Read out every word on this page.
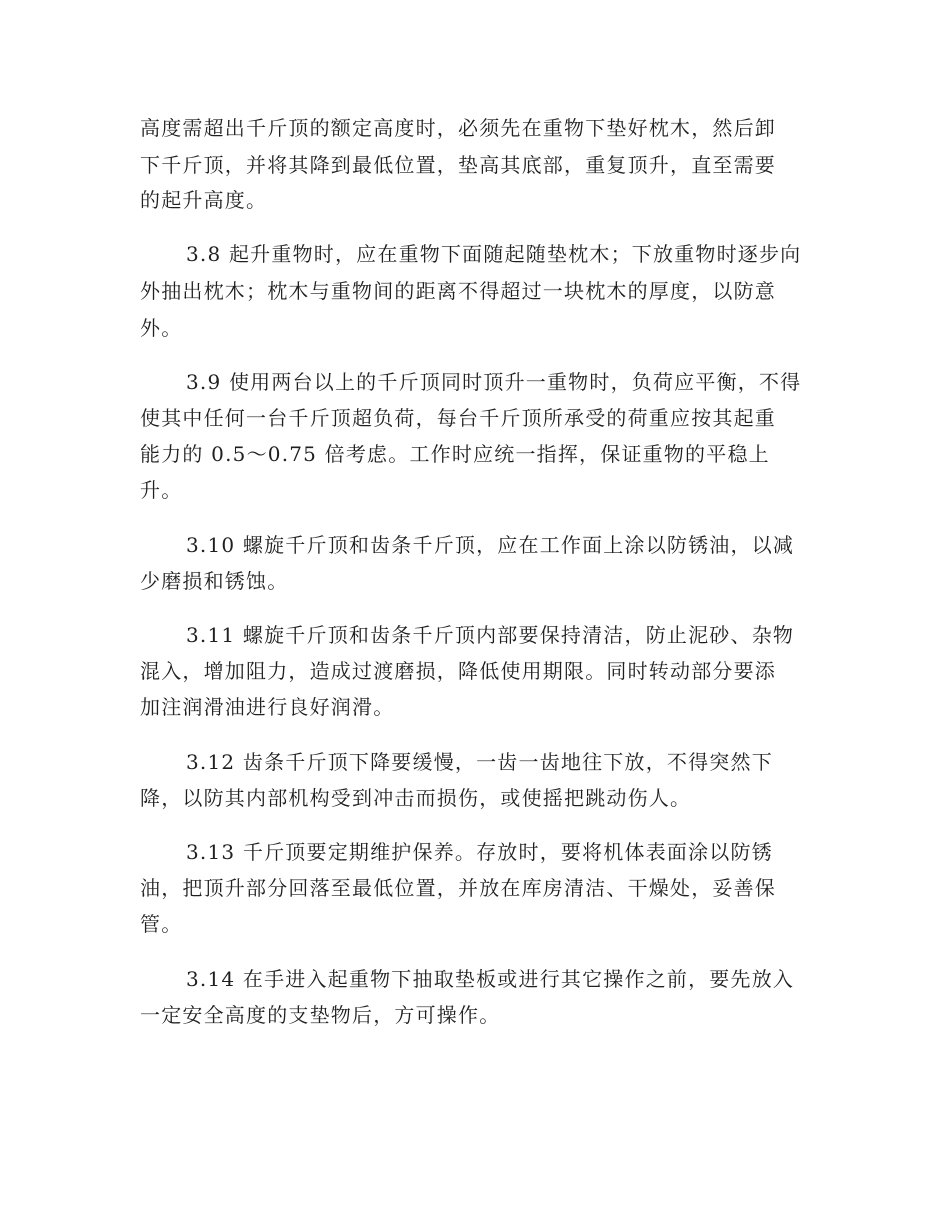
高度需超出千斤顶的额定高度时，必须先在重物下垫好枕木，然后卸

下千斤顶，并将其降到最低位置，垫高其底部，重复顶升，直至需要

的起升高度。

3.8 起升重物时，应在重物下面随起随垫枕木；下放重物时逐步向

外抽出枕木；枕木与重物间的距离不得超过一块枕木的厚度，以防意

外。

3.9 使用两台以上的千斤顶同时顶升一重物时，负荷应平衡，不得

使其中任何一台千斤顶超负荷，每台千斤顶所承受的荷重应按其起重

能力的 0.5～0.75 倍考虑。工作时应统一指挥，保证重物的平稳上

升。

3.10 螺旋千斤顶和齿条千斤顶，应在工作面上涂以防锈油，以减

少磨损和锈蚀。

3.11 螺旋千斤顶和齿条千斤顶内部要保持清洁，防止泥砂、杂物

混入，增加阻力，造成过渡磨损，降低使用期限。同时转动部分要添

加注润滑油进行良好润滑。

3.12 齿条千斤顶下降要缓慢，一齿一齿地往下放，不得突然下

降，以防其内部机构受到冲击而损伤，或使摇把跳动伤人。

3.13 千斤顶要定期维护保养。存放时，要将机体表面涂以防锈

油，把顶升部分回落至最低位置，并放在库房清洁、干燥处，妥善保

管。

3.14 在手进入起重物下抽取垫板或进行其它操作之前，要先放入

一定安全高度的支垫物后，方可操作。
